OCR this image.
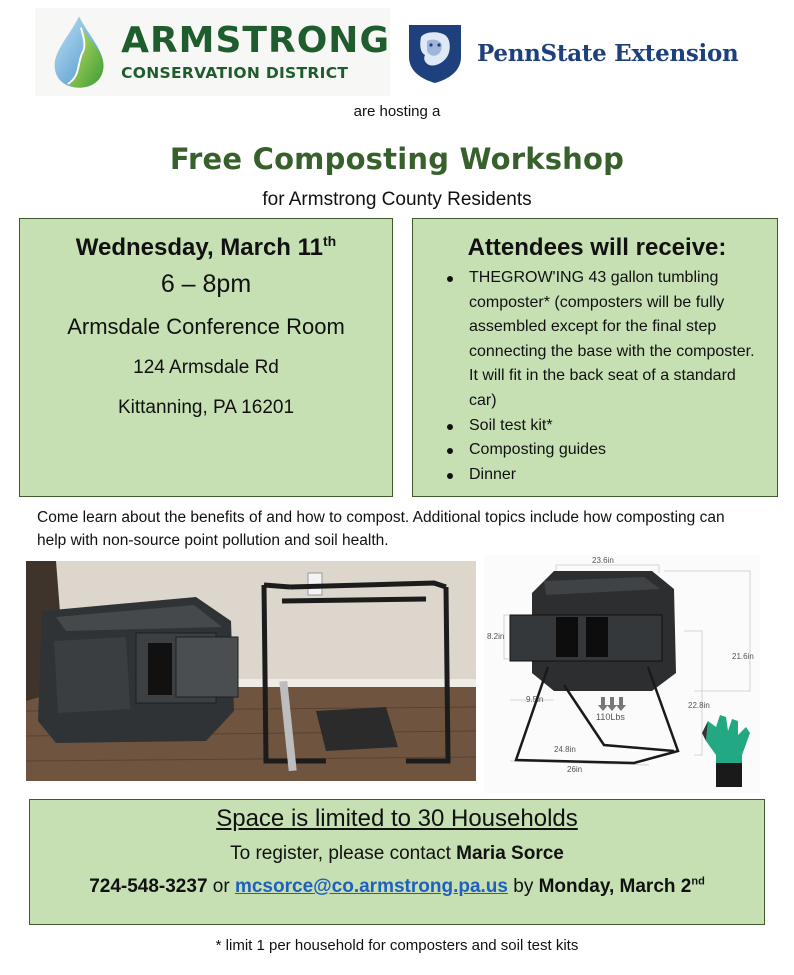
ARMSTRONG
CONSERVATION DISTRICT
PennState Extension
are hosting a
Free Composting Workshop
for Armstrong County Residents
Wednesday, March 11th
6 – 8pm
Armsdale Conference Room
124 Armsdale Rd
Kittanning, PA 16201
Attendees will receive:
THEGROW'ING 43 gallon tumbling composter* (composters will be fully assembled except for the final step connecting the base with the composter. It will fit in the back seat of a standard car)
Soil test kit*
Composting guides
Dinner
Come learn about the benefits of and how to compost. Additional topics include how composting can help with non-source point pollution and soil health.
23.6in
8.2in
21.6in
9.5in
22.8in
24.8in
26in
110Lbs
Space is limited to 30 Households
To register, please contact Maria Sorce
724-548-3237 or mcsorce@co.armstrong.pa.us by Monday, March 2nd
* limit 1 per household for composters and soil test kits
